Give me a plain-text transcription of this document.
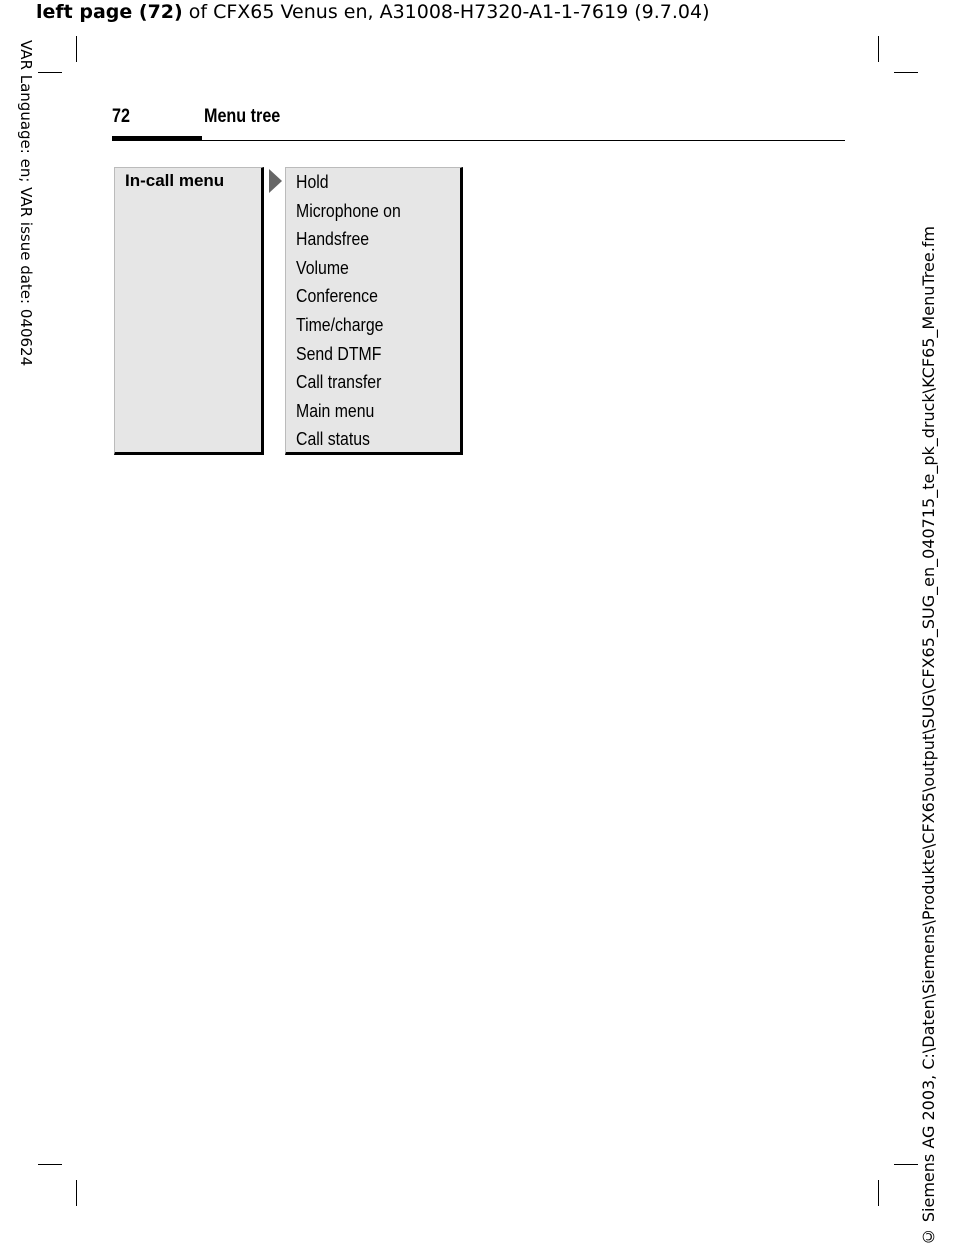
left page (72) of CFX65 Venus en, A31008-H7320-A1-1-7619 (9.7.04)
VAR Language: en; VAR issue date: 040624
© Siemens AG 2003, C:\Daten\Siemens\Produkte\CFX65\output\SUG\CFX65_SUG_en_040715_te_pk_druck\KCF65_MenuTree.fm
72	Menu tree
In-call menu	Hold
Microphone on
Handsfree
Volume
Conference
Time/charge
Send DTMF
Call transfer
Main menu
Call status
